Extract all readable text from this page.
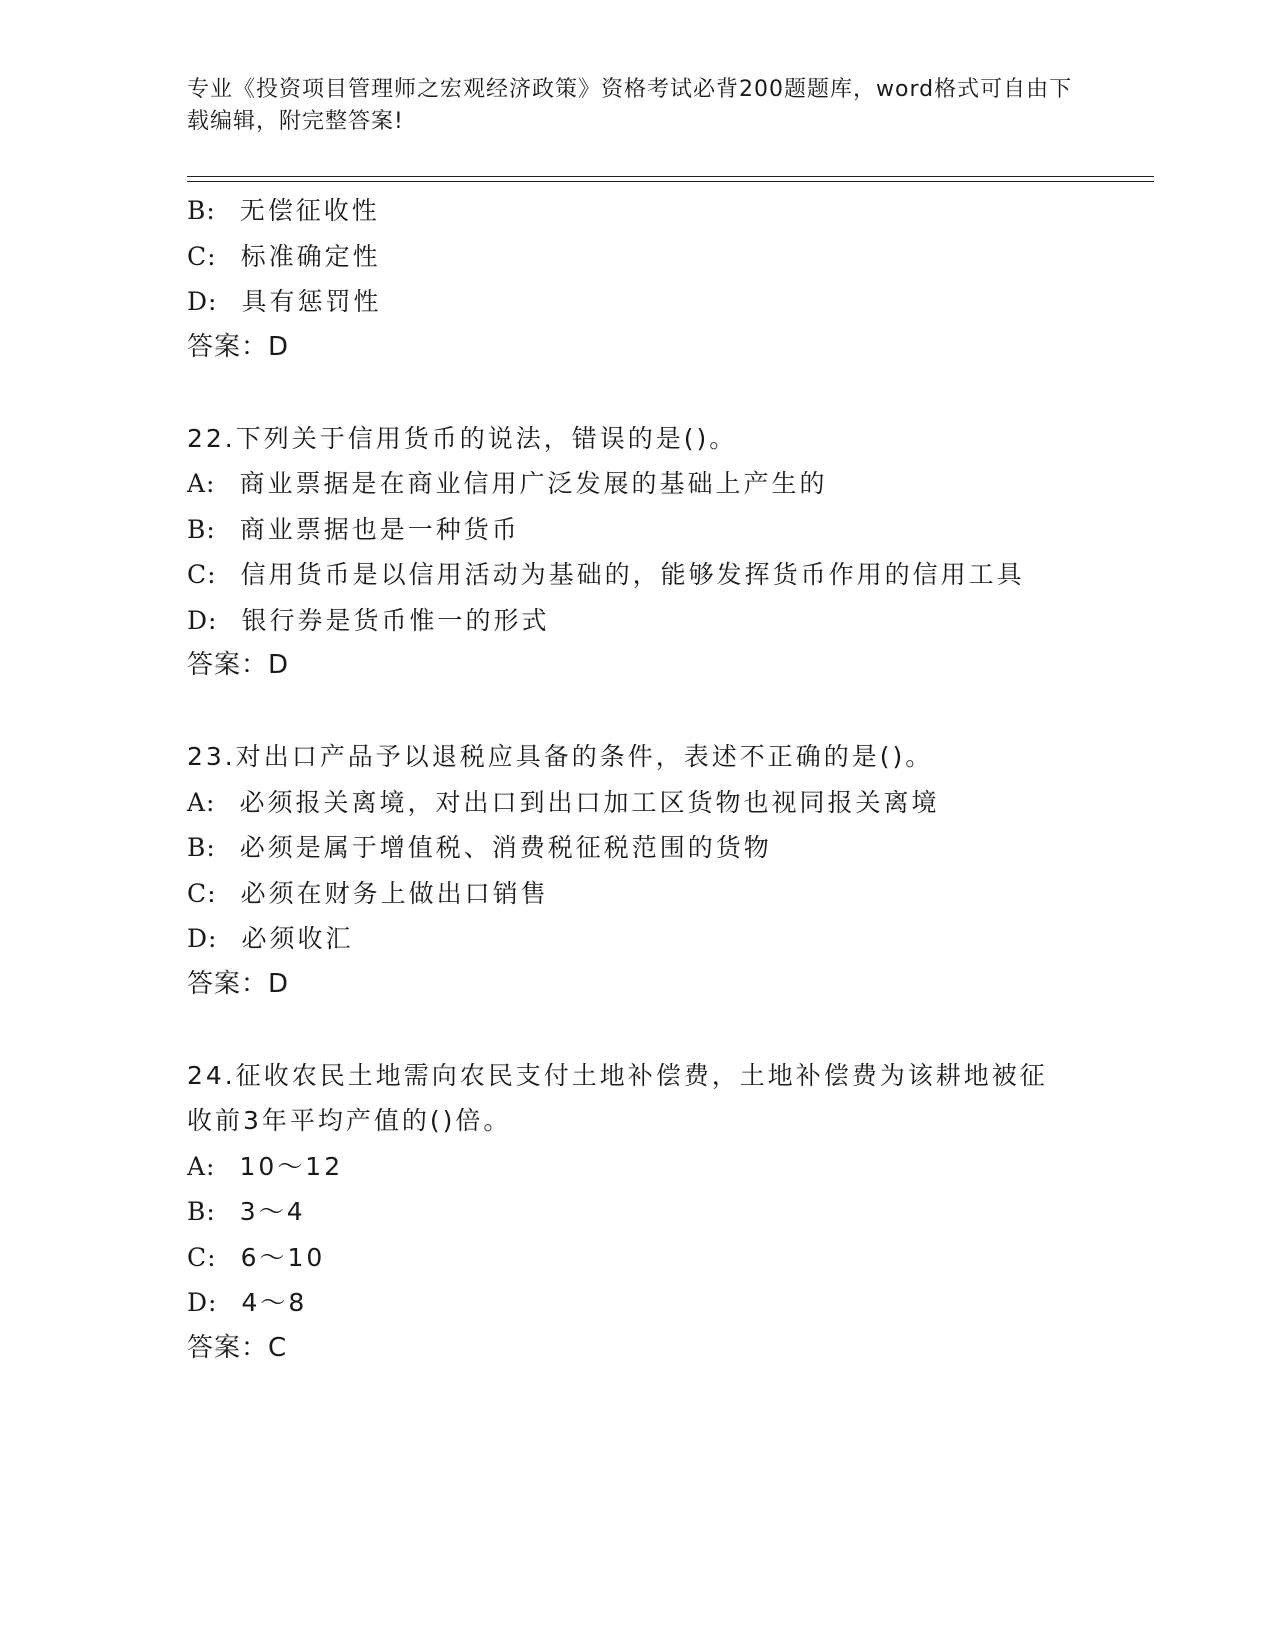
专业《投资项目管理师之宏观经济政策》资格考试必背200题题库，word格式可自由下载编辑，附完整答案!
B: 无偿征收性
C: 标准确定性
D: 具有惩罚性
答案：D
22.下列关于信用货币的说法，错误的是()。
A: 商业票据是在商业信用广泛发展的基础上产生的
B: 商业票据也是一种货币
C: 信用货币是以信用活动为基础的，能够发挥货币作用的信用工具
D: 银行券是货币惟一的形式
答案：D
23.对出口产品予以退税应具备的条件，表述不正确的是()。
A: 必须报关离境，对出口到出口加工区货物也视同报关离境
B: 必须是属于增值税、消费税征税范围的货物
C: 必须在财务上做出口销售
D: 必须收汇
答案：D
24.征收农民土地需向农民支付土地补偿费，土地补偿费为该耕地被征收前3年平均产值的()倍。
A: 10～12
B: 3～4
C: 6～10
D: 4～8
答案：C
